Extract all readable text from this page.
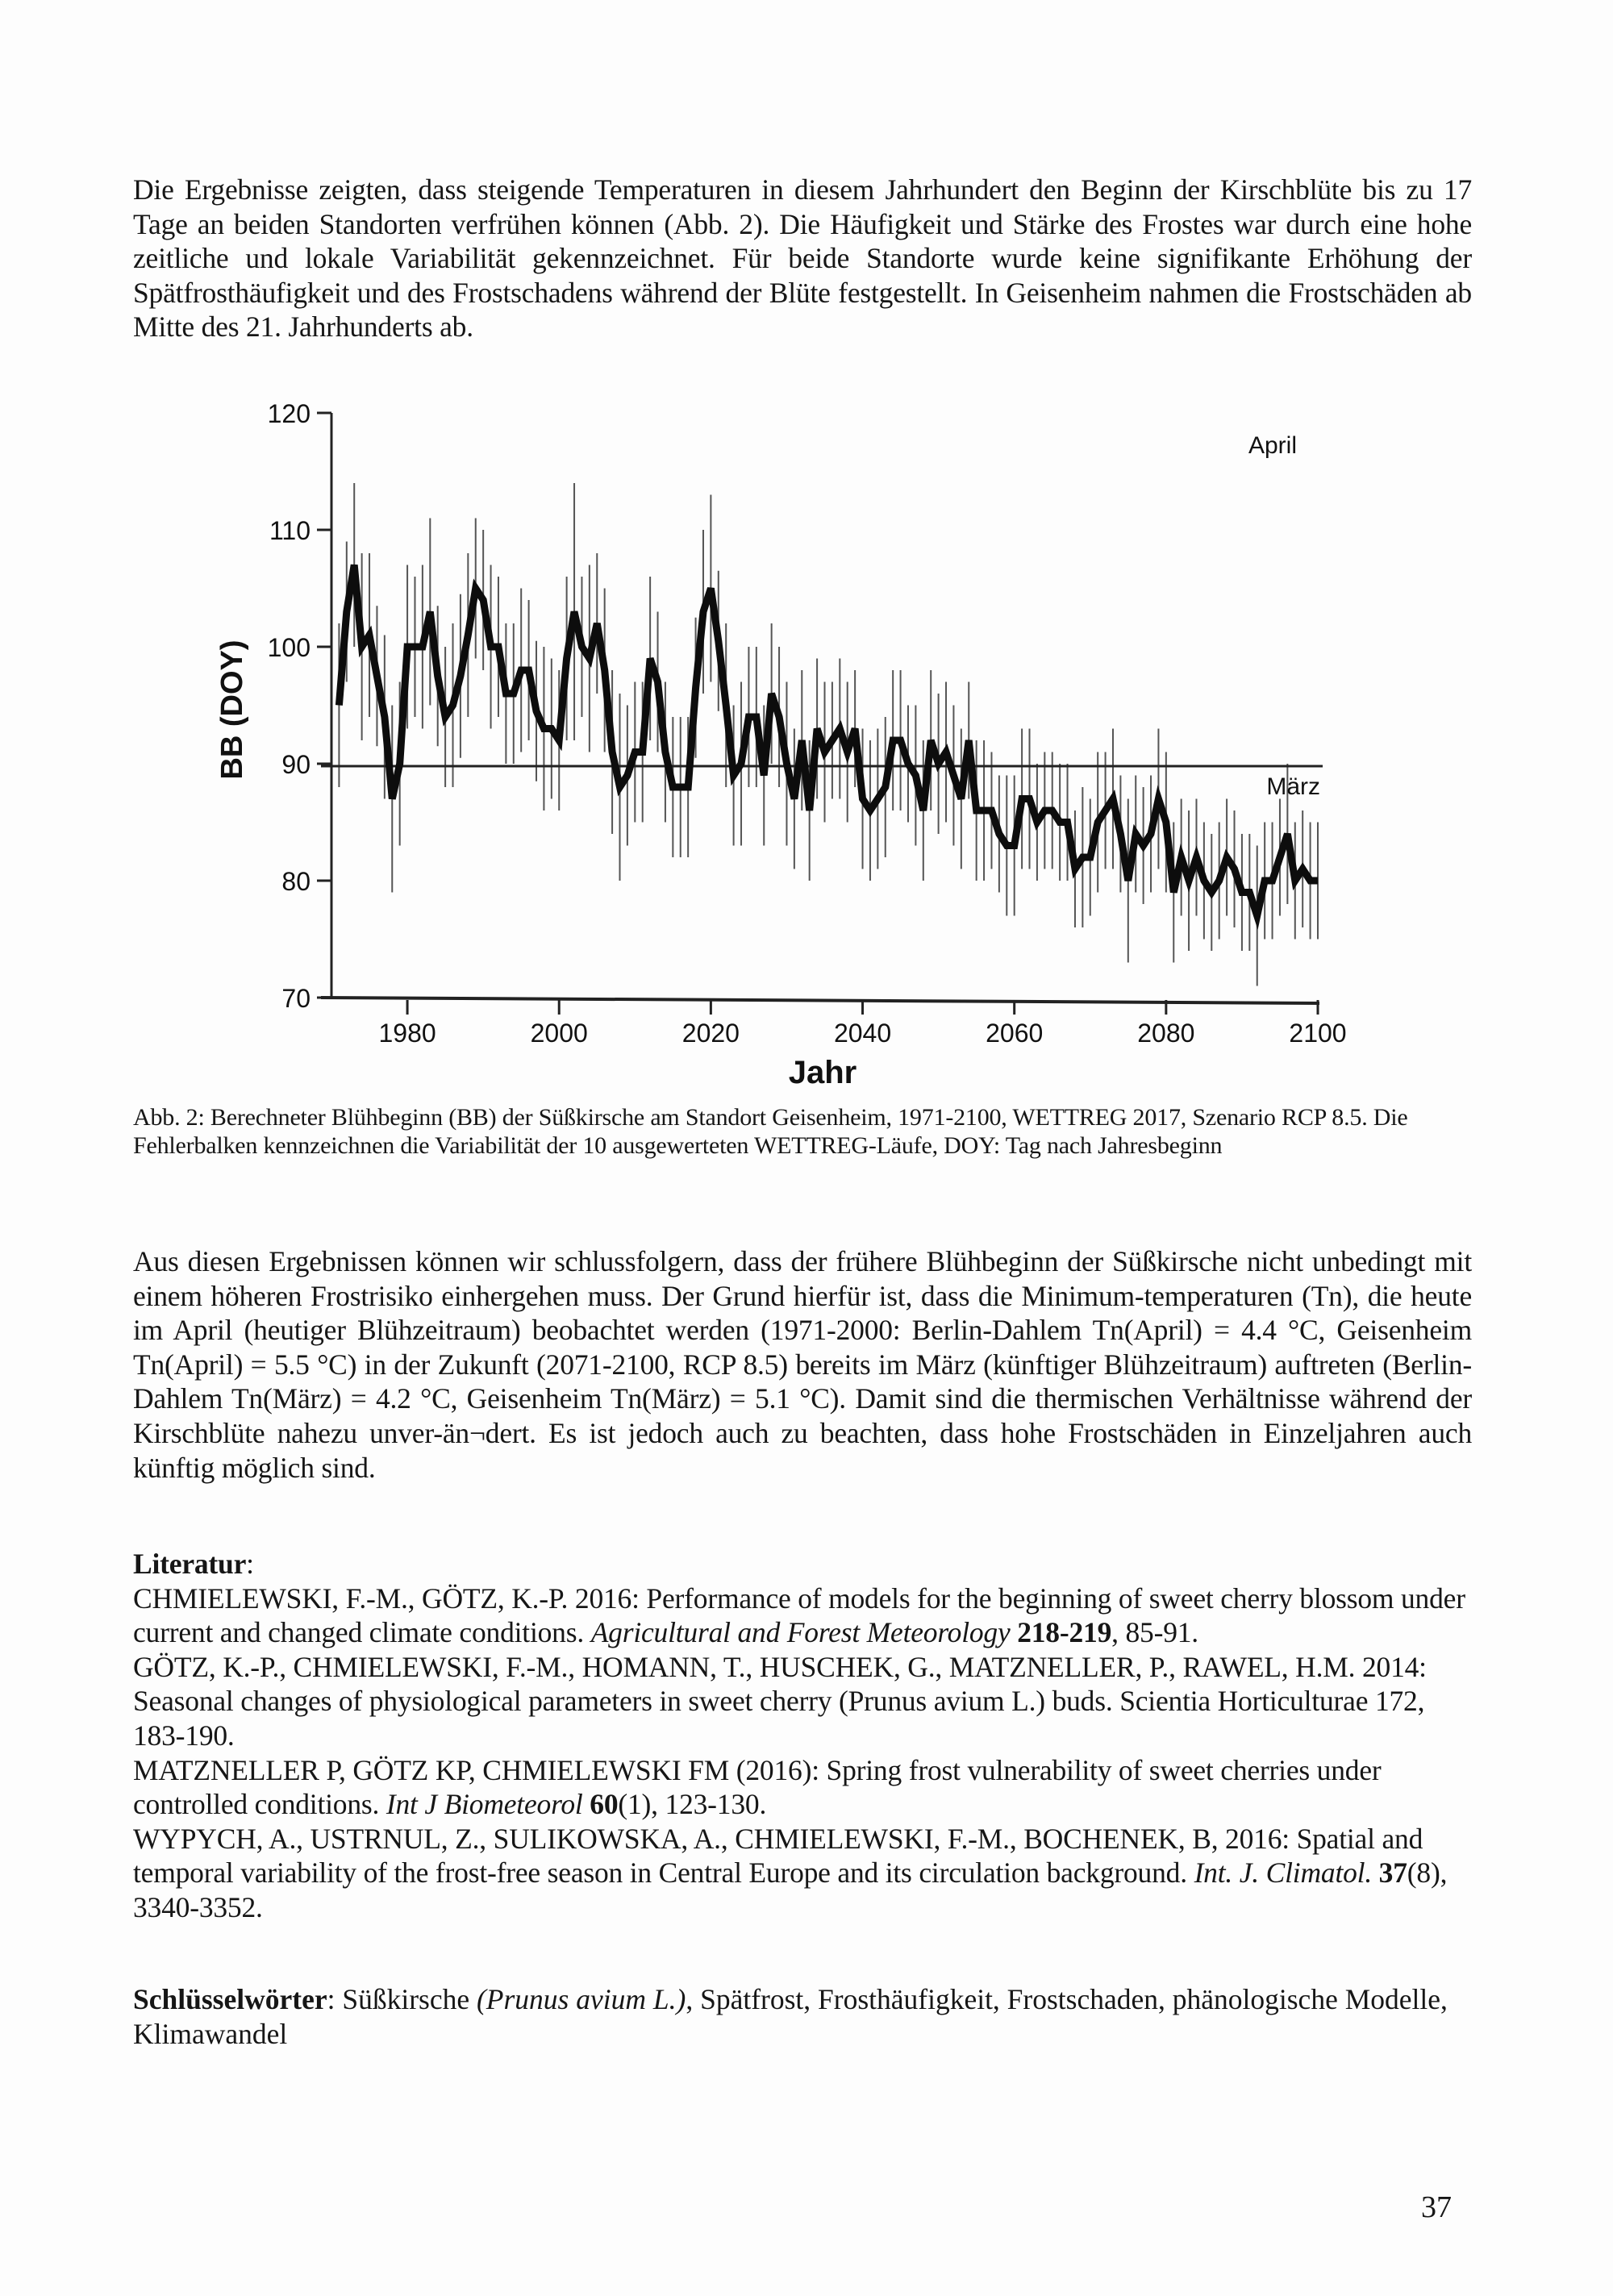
70
80
90
100
110
120
1980	2000	2020	2040	2060	2080	2100
BB (DOY)
Jahr
April
März

Die Ergebnisse zeigten, dass steigende Temperaturen in diesem Jahrhundert den Beginn der Kirschblüte bis zu 17 Tage an beiden Standorten verfrühen können (Abb. 2). Die Häufigkeit und Stärke des Frostes war durch eine hohe zeitliche und lokale Variabilität gekennzeichnet. Für beide Standorte wurde keine signifikante Erhöhung der Spätfrosthäufigkeit und des Frostschadens während der Blüte festgestellt. In Geisenheim nahmen die Frostschäden ab Mitte des 21. Jahrhunderts ab.

Abb. 2: Berechneter Blühbeginn (BB) der Süßkirsche am Standort Geisenheim, 1971-2100, WETTREG 2017, Szenario RCP 8.5. Die Fehlerbalken kennzeichnen die Variabilität der 10 ausgewerteten WETTREG-Läufe, DOY: Tag nach Jahresbeginn

Aus diesen Ergebnissen können wir schlussfolgern, dass der frühere Blühbeginn der Süßkirsche nicht unbedingt mit einem höheren Frostrisiko einhergehen muss. Der Grund hierfür ist, dass die Minimum-temperaturen (Tn), die heute im April (heutiger Blühzeitraum) beobachtet werden (1971-2000: Berlin-Dahlem Tn(April) = 4.4 °C, Geisenheim Tn(April) = 5.5 °C) in der Zukunft (2071-2100, RCP 8.5) bereits im März (künftiger Blühzeitraum) auftreten (Berlin-Dahlem Tn(März) = 4.2 °C, Geisenheim Tn(März) = 5.1 °C). Damit sind die thermischen Verhältnisse während der Kirschblüte nahezu unver-än¬dert. Es ist jedoch auch zu beachten, dass hohe Frostschäden in Einzeljahren auch künftig möglich sind.

Literatur:

CHMIELEWSKI, F.-M., GÖTZ, K.-P. 2016: Performance of models for the beginning of sweet cherry blossom under current and changed climate conditions. Agricultural and Forest Meteorology 218-219, 85-91.

GÖTZ, K.-P., CHMIELEWSKI, F.-M., HOMANN, T., HUSCHEK, G., MATZNELLER, P., RAWEL, H.M. 2014: Seasonal changes of physiological parameters in sweet cherry (Prunus avium L.) buds. Scientia Horticulturae 172, 183-190.

MATZNELLER P, GÖTZ KP, CHMIELEWSKI FM (2016): Spring frost vulnerability of sweet cherries under controlled conditions. Int J Biometeorol 60(1), 123-130.

WYPYCH, A., USTRNUL, Z., SULIKOWSKA, A., CHMIELEWSKI, F.-M., BOCHENEK, B, 2016: Spatial and temporal variability of the frost-free season in Central Europe and its circulation background. Int. J. Climatol. 37(8), 3340-3352.

Schlüsselwörter: Süßkirsche (Prunus avium L.), Spätfrost, Frosthäufigkeit, Frostschaden, phänologische Modelle, Klimawandel
37
